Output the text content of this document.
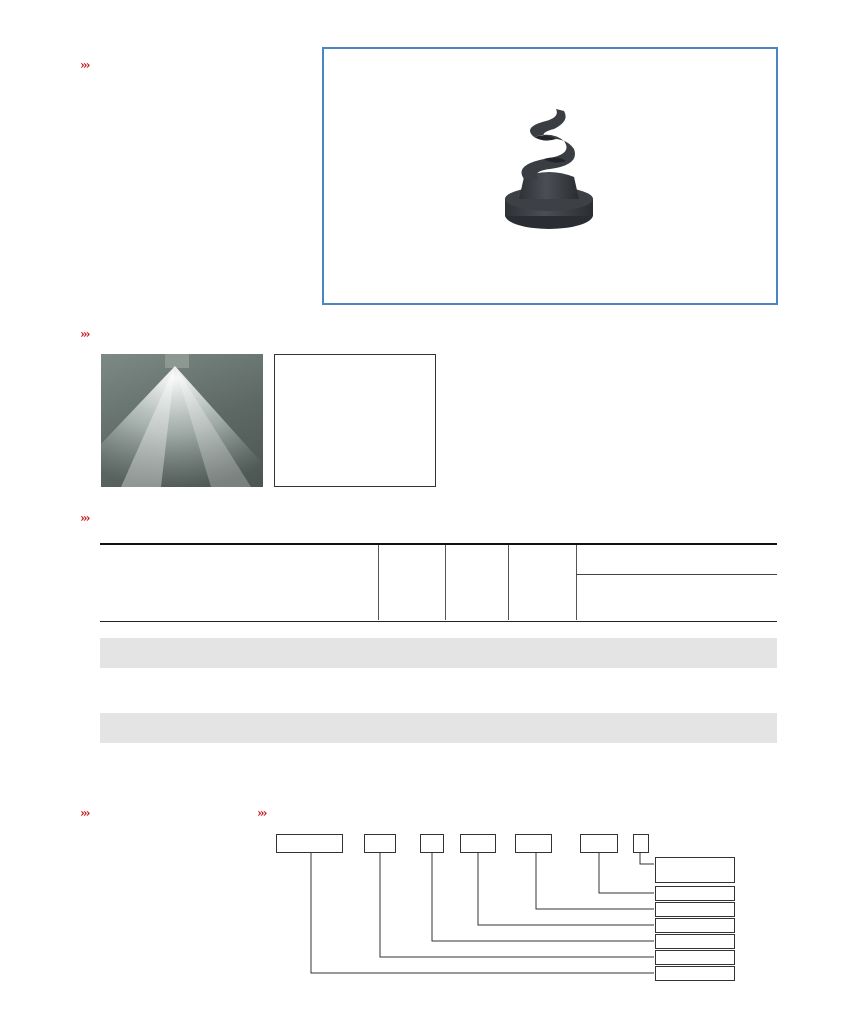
›››

›››
›››
›››	›››
